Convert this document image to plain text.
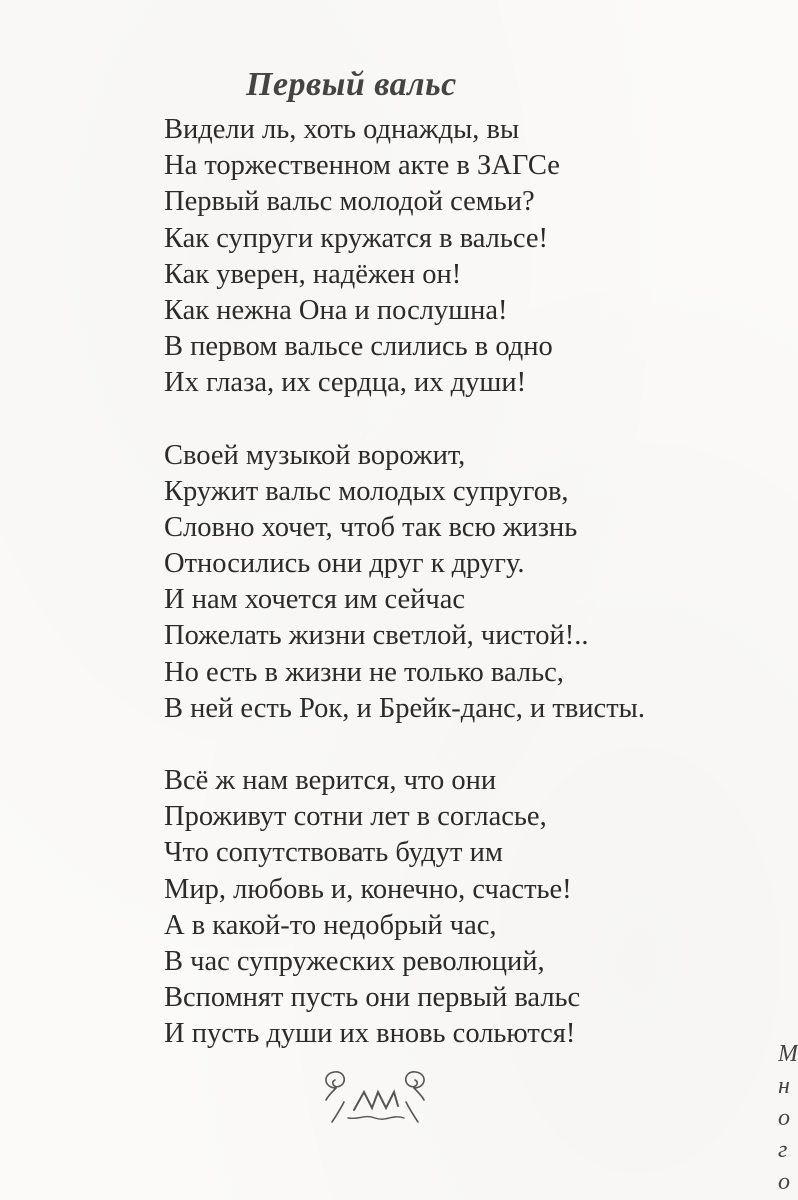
Первый вальс
Видели ль, хоть однажды, вы
На торжественном акте в ЗАГСе
Первый вальс молодой семьи?
Как супруги кружатся в вальсе!
Как уверен, надёжен он!
Как нежна Она и послушна!
В первом вальсе слились в одно
Их глаза, их сердца, их души!
Своей музыкой ворожит,
Кружит вальс молодых супругов,
Словно хочет, чтоб так всю жизнь
Относились они друг к другу.
И нам хочется им сейчас
Пожелать жизни светлой, чистой!..
Но есть в жизни не только вальс,
В ней есть Рок, и Брейк-данс, и твисты.
Всё ж нам верится, что они
Проживут сотни лет в согласье,
Что сопутствовать будут им
Мир, любовь и, конечно, счастье!
А в какой-то недобрый час,
В час супружеских революций,
Вспомнят пусть они первый вальс
И пусть души их вновь сольются!
М
н
о
г
о
